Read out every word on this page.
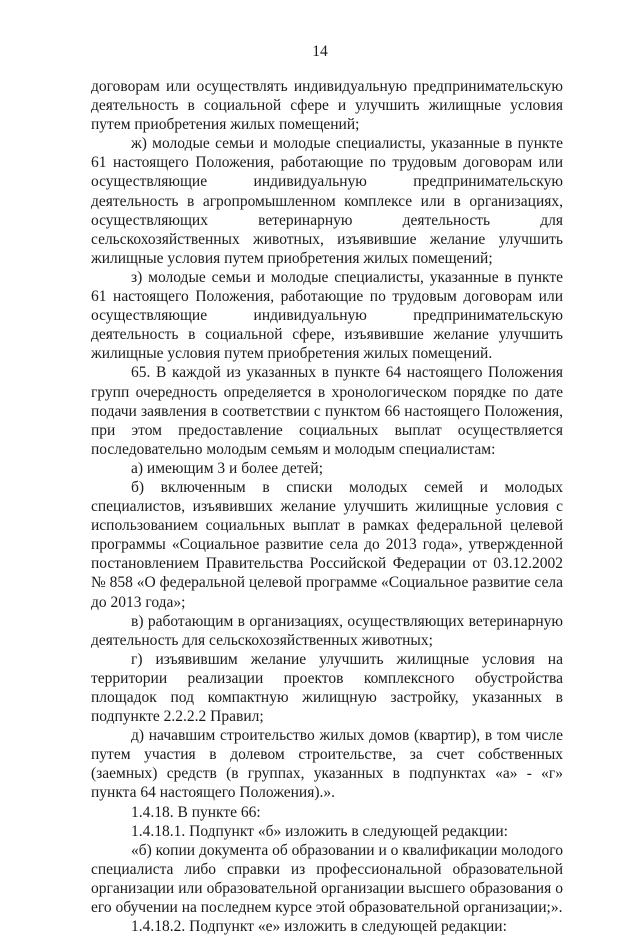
14

договорам или осуществлять индивидуальную предпринимательскую деятельность в социальной сфере и улучшить жилищные условия путем приобретения жилых помещений;

ж) молодые семьи и молодые специалисты, указанные в пункте 61 настоящего Положения, работающие по трудовым договорам или осуществляющие индивидуальную предпринимательскую деятельность в агропромышленном комплексе или в организациях, осуществляющих ветеринарную деятельность для сельскохозяйственных животных, изъявившие желание улучшить жилищные условия путем приобретения жилых помещений;

з) молодые семьи и молодые специалисты, указанные в пункте 61 настоящего Положения, работающие по трудовым договорам или осуществляющие индивидуальную предпринимательскую деятельность в социальной сфере, изъявившие желание улучшить жилищные условия путем приобретения жилых помещений.

65. В каждой из указанных в пункте 64 настоящего Положения групп очередность определяется в хронологическом порядке по дате подачи заявления в соответствии с пунктом 66 настоящего Положения, при этом предоставление социальных выплат осуществляется последовательно молодым семьям и молодым специалистам:

а) имеющим 3 и более детей;

б) включенным в списки молодых семей и молодых специалистов, изъявивших желание улучшить жилищные условия с использованием социальных выплат в рамках федеральной целевой программы «Социальное развитие села до 2013 года», утвержденной постановлением Правительства Российской Федерации от 03.12.2002 № 858 «О федеральной целевой программе «Социальное развитие села до 2013 года»;

в) работающим в организациях, осуществляющих ветеринарную деятельность для сельскохозяйственных животных;

г) изъявившим желание улучшить жилищные условия на территории реализации проектов комплексного обустройства площадок под компактную жилищную застройку, указанных в подпункте 2.2.2.2 Правил;

д) начавшим строительство жилых домов (квартир), в том числе путем участия в долевом строительстве, за счет собственных (заемных) средств (в группах, указанных в подпунктах «а» - «г» пункта 64 настоящего Положения).».

1.4.18. В пункте 66:

1.4.18.1. Подпункт «б» изложить в следующей редакции:

«б) копии документа об образовании и о квалификации молодого специалиста либо справки из профессиональной образовательной организации или образовательной организации высшего образования о его обучении на последнем курсе этой образовательной организации;».

1.4.18.2. Подпункт «е» изложить в следующей редакции:
